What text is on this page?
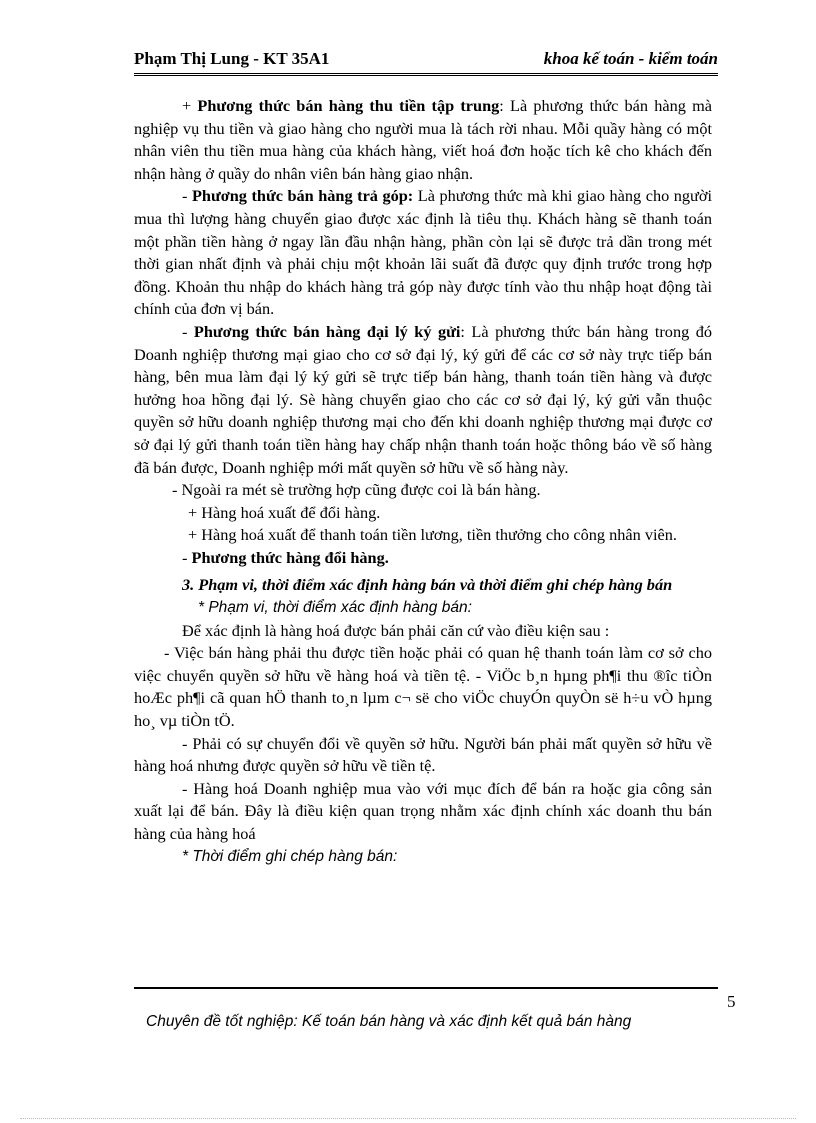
Phạm Thị Lung - KT 35A1	khoa kế toán - kiểm toán

+ Phương thức bán hàng thu tiền tập trung: Là phương thức bán hàng mà nghiệp vụ thu tiền và giao hàng cho người mua là tách rời nhau. Mỗi quầy hàng có một nhân viên thu tiền mua hàng của khách hàng, viết hoá đơn hoặc tích kê cho khách đến nhận hàng ở quầy do nhân viên bán hàng giao nhận.

- Phương thức bán hàng trả góp: Là phương thức mà khi giao hàng cho người mua thì lượng hàng chuyển giao được xác định là tiêu thụ. Khách hàng sẽ thanh toán một phần tiền hàng ở ngay lần đầu nhận hàng, phần còn lại sẽ được trả dần trong mét thời gian nhất định và phải chịu một khoản lãi suất đã được quy định trước trong hợp đồng. Khoản thu nhập do khách hàng trả góp này được tính vào thu nhập hoạt động tài chính của đơn vị bán.

- Phương thức bán hàng đại lý ký gửi: Là phương thức bán hàng trong đó Doanh nghiệp thương mại giao cho cơ sở đại lý, ký gửi để các cơ sở này trực tiếp bán hàng, bên mua làm đại lý ký gửi sẽ trực tiếp bán hàng, thanh toán tiền hàng và được hưởng hoa hồng đại lý. Sè hàng chuyển giao cho các cơ sở đại lý, ký gửi vẫn thuộc quyền sở hữu doanh nghiệp thương mại cho đến khi doanh nghiệp thương mại được cơ sở đại lý gửi thanh toán tiền hàng hay chấp nhận thanh toán hoặc thông báo về số hàng đã bán được, Doanh nghiệp mới mất quyền sở hữu về số hàng này.

- Ngoài ra mét sè trường hợp cũng được coi là bán hàng.

+ Hàng hoá xuất để đổi hàng.

+ Hàng hoá xuất để thanh toán tiền lương, tiền thưởng cho công nhân viên.

- Phương thức hàng đổi hàng.

3. Phạm vi, thời điểm xác định hàng bán và thời điểm ghi chép hàng bán

* Phạm vi, thời điểm xác định hàng bán:

Để xác định là hàng hoá được bán phải căn cứ vào điều kiện sau :

- Việc bán hàng phải thu được tiền hoặc phải có quan hệ thanh toán làm cơ sở cho việc chuyển quyền sở hữu về hàng hoá và tiền tệ. - ViÖc b¸n hµng ph¶i thu ®îc tiÒn hoÆc ph¶i cã quan hÖ thanh to¸n lµm c¬ së cho viÖc chuyÓn quyÒn së h÷u vÒ hµng ho¸ vµ tiÒn tÖ.

- Phải có sự chuyển đổi về quyền sở hữu. Người bán phải mất quyền sở hữu về hàng hoá nhưng được quyền sở hữu về tiền tệ.

- Hàng hoá Doanh nghiệp mua vào với mục đích để bán ra hoặc gia công sản xuất lại để bán. Đây là điều kiện quan trọng nhằm xác định chính xác doanh thu bán hàng của hàng hoá

* Thời điểm ghi chép hàng bán:

5
Chuyên đề tốt nghiệp: Kế toán bán hàng và xác định kết quả bán hàng
